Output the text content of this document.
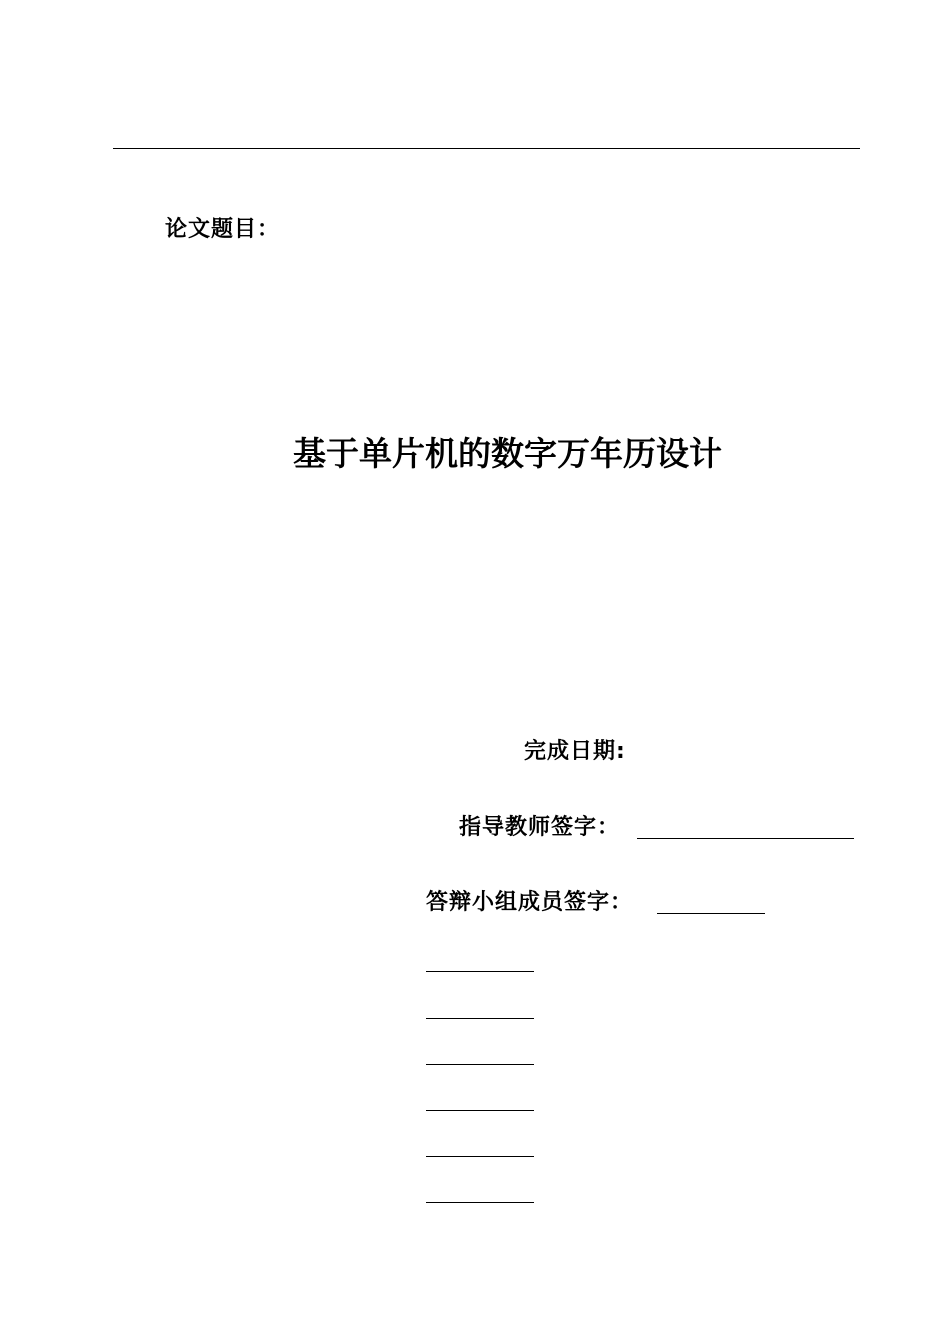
论文题目：
基于单片机的数字万年历设计
完成日期:
指导教师签字：
答辩小组成员签字：
